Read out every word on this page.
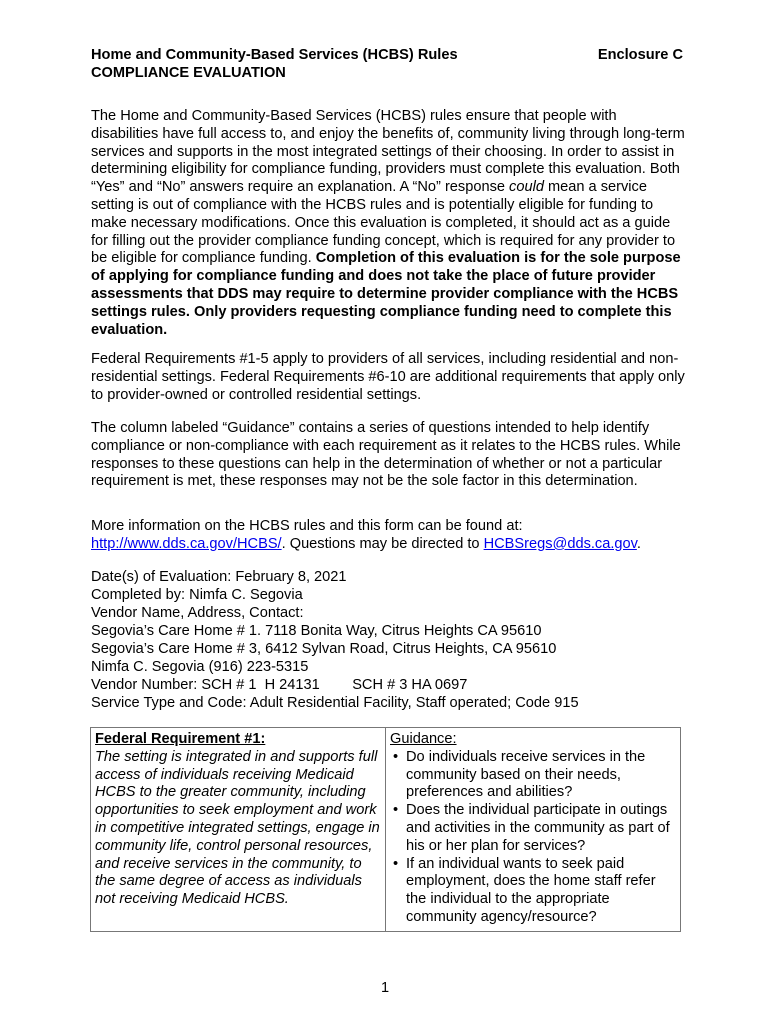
Home and Community-Based Services (HCBS) Rules
COMPLIANCE EVALUATION
Enclosure C

The Home and Community-Based Services (HCBS) rules ensure that people with disabilities have full access to, and enjoy the benefits of, community living through long-term services and supports in the most integrated settings of their choosing. In order to assist in determining eligibility for compliance funding, providers must complete this evaluation. Both “Yes” and “No” answers require an explanation. A “No” response could mean a service setting is out of compliance with the HCBS rules and is potentially eligible for funding to make necessary modifications. Once this evaluation is completed, it should act as a guide for filling out the provider compliance funding concept, which is required for any provider to be eligible for compliance funding. Completion of this evaluation is for the sole purpose of applying for compliance funding and does not take the place of future provider assessments that DDS may require to determine provider compliance with the HCBS settings rules. Only providers requesting compliance funding need to complete this evaluation.

Federal Requirements #1-5 apply to providers of all services, including residential and non-residential settings. Federal Requirements #6-10 are additional requirements that apply only to provider-owned or controlled residential settings.

The column labeled “Guidance” contains a series of questions intended to help identify compliance or non-compliance with each requirement as it relates to the HCBS rules. While responses to these questions can help in the determination of whether or not a particular requirement is met, these responses may not be the sole factor in this determination.

More information on the HCBS rules and this form can be found at: http://www.dds.ca.gov/HCBS/. Questions may be directed to HCBSregs@dds.ca.gov.

Date(s) of Evaluation: February 8, 2021
Completed by: Nimfa C. Segovia
Vendor Name, Address, Contact:
Segovia’s Care Home # 1. 7118 Bonita Way, Citrus Heights CA 95610
Segovia’s Care Home # 3, 6412 Sylvan Road, Citrus Heights, CA 95610
Nimfa C. Segovia (916) 223-5315
Vendor Number: SCH # 1  H 24131        SCH # 3 HA 0697
Service Type and Code: Adult Residential Facility, Staff operated; Code 915
Federal Requirement #1:
The setting is integrated in and supports full access of individuals receiving Medicaid HCBS to the greater community, including opportunities to seek employment and work in competitive integrated settings, engage in community life, control personal resources, and receive services in the community, to the same degree of access as individuals not receiving Medicaid HCBS.

Guidance:
• Do individuals receive services in the community based on their needs, preferences and abilities?
• Does the individual participate in outings and activities in the community as part of his or her plan for services?
• If an individual wants to seek paid employment, does the home staff refer the individual to the appropriate community agency/resource?
1
